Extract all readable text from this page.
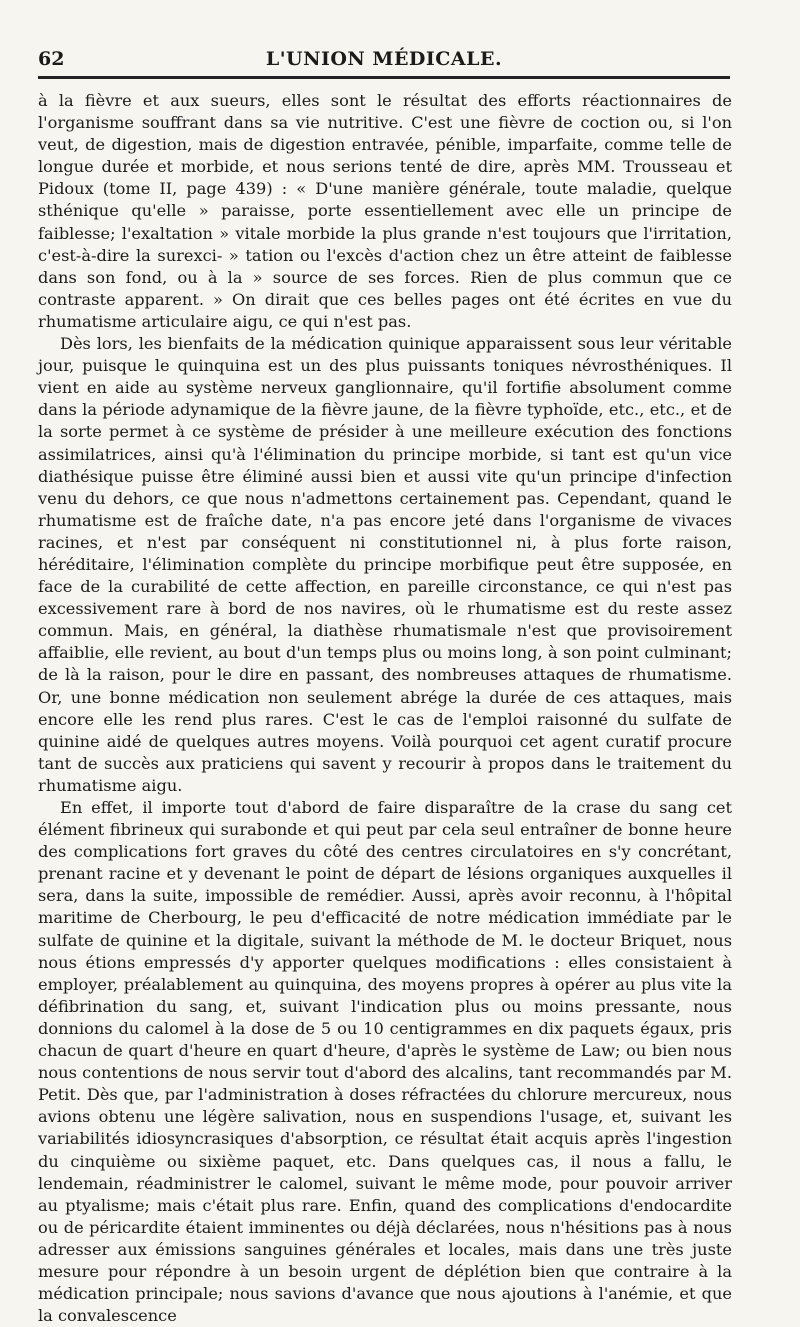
62	L'UNION MÉDICALE.

à la fièvre et aux sueurs, elles sont le résultat des efforts réactionnaires de l'organisme souffrant dans sa vie nutritive. C'est une fièvre de coction ou, si l'on veut, de digestion, mais de digestion entravée, pénible, imparfaite, comme telle de longue durée et morbide, et nous serions tenté de dire, après MM. Trousseau et Pidoux (tome II, page 439) : « D'une manière générale, toute maladie, quelque sthénique qu'elle » paraisse, porte essentiellement avec elle un principe de faiblesse; l'exaltation » vitale morbide la plus grande n'est toujours que l'irritation, c'est-à-dire la surexci- » tation ou l'excès d'action chez un être atteint de faiblesse dans son fond, ou à la » source de ses forces. Rien de plus commun que ce contraste apparent. » On dirait que ces belles pages ont été écrites en vue du rhumatisme articulaire aigu, ce qui n'est pas.

Dès lors, les bienfaits de la médication quinique apparaissent sous leur véritable jour, puisque le quinquina est un des plus puissants toniques névrosthéniques. Il vient en aide au système nerveux ganglionnaire, qu'il fortifie absolument comme dans la période adynamique de la fièvre jaune, de la fièvre typhoïde, etc., etc., et de la sorte permet à ce système de présider à une meilleure exécution des fonctions assimilatrices, ainsi qu'à l'élimination du principe morbide, si tant est qu'un vice diathésique puisse être éliminé aussi bien et aussi vite qu'un principe d'infection venu du dehors, ce que nous n'admettons certainement pas. Cependant, quand le rhumatisme est de fraîche date, n'a pas encore jeté dans l'organisme de vivaces racines, et n'est par conséquent ni constitutionnel ni, à plus forte raison, héréditaire, l'élimination complète du principe morbifique peut être supposée, en face de la curabilité de cette affection, en pareille circonstance, ce qui n'est pas excessivement rare à bord de nos navires, où le rhumatisme est du reste assez commun. Mais, en général, la diathèse rhumatismale n'est que provisoirement affaiblie, elle revient, au bout d'un temps plus ou moins long, à son point culminant; de là la raison, pour le dire en passant, des nombreuses attaques de rhumatisme. Or, une bonne médication non seulement abrége la durée de ces attaques, mais encore elle les rend plus rares. C'est le cas de l'emploi raisonné du sulfate de quinine aidé de quelques autres moyens. Voilà pourquoi cet agent curatif procure tant de succès aux praticiens qui savent y recourir à propos dans le traitement du rhumatisme aigu.

En effet, il importe tout d'abord de faire disparaître de la crase du sang cet élément fibrineux qui surabonde et qui peut par cela seul entraîner de bonne heure des complications fort graves du côté des centres circulatoires en s'y concrétant, prenant racine et y devenant le point de départ de lésions organiques auxquelles il sera, dans la suite, impossible de remédier. Aussi, après avoir reconnu, à l'hôpital maritime de Cherbourg, le peu d'efficacité de notre médication immédiate par le sulfate de quinine et la digitale, suivant la méthode de M. le docteur Briquet, nous nous étions empressés d'y apporter quelques modifications : elles consistaient à employer, préalablement au quinquina, des moyens propres à opérer au plus vite la défibrination du sang, et, suivant l'indication plus ou moins pressante, nous donnions du calomel à la dose de 5 ou 10 centigrammes en dix paquets égaux, pris chacun de quart d'heure en quart d'heure, d'après le système de Law; ou bien nous nous contentions de nous servir tout d'abord des alcalins, tant recommandés par M. Petit. Dès que, par l'administration à doses réfractées du chlorure mercureux, nous avions obtenu une légère salivation, nous en suspendions l'usage, et, suivant les variabilités idiosyncrasiques d'absorption, ce résultat était acquis après l'ingestion du cinquième ou sixième paquet, etc. Dans quelques cas, il nous a fallu, le lendemain, réadministrer le calomel, suivant le même mode, pour pouvoir arriver au ptyalisme; mais c'était plus rare. Enfin, quand des complications d'endocardite ou de péricardite étaient imminentes ou déjà déclarées, nous n'hésitions pas à nous adresser aux émissions sanguines générales et locales, mais dans une très juste mesure pour répondre à un besoin urgent de déplétion bien que contraire à la médication principale; nous savions d'avance que nous ajoutions à l'anémie, et que la convalescence
